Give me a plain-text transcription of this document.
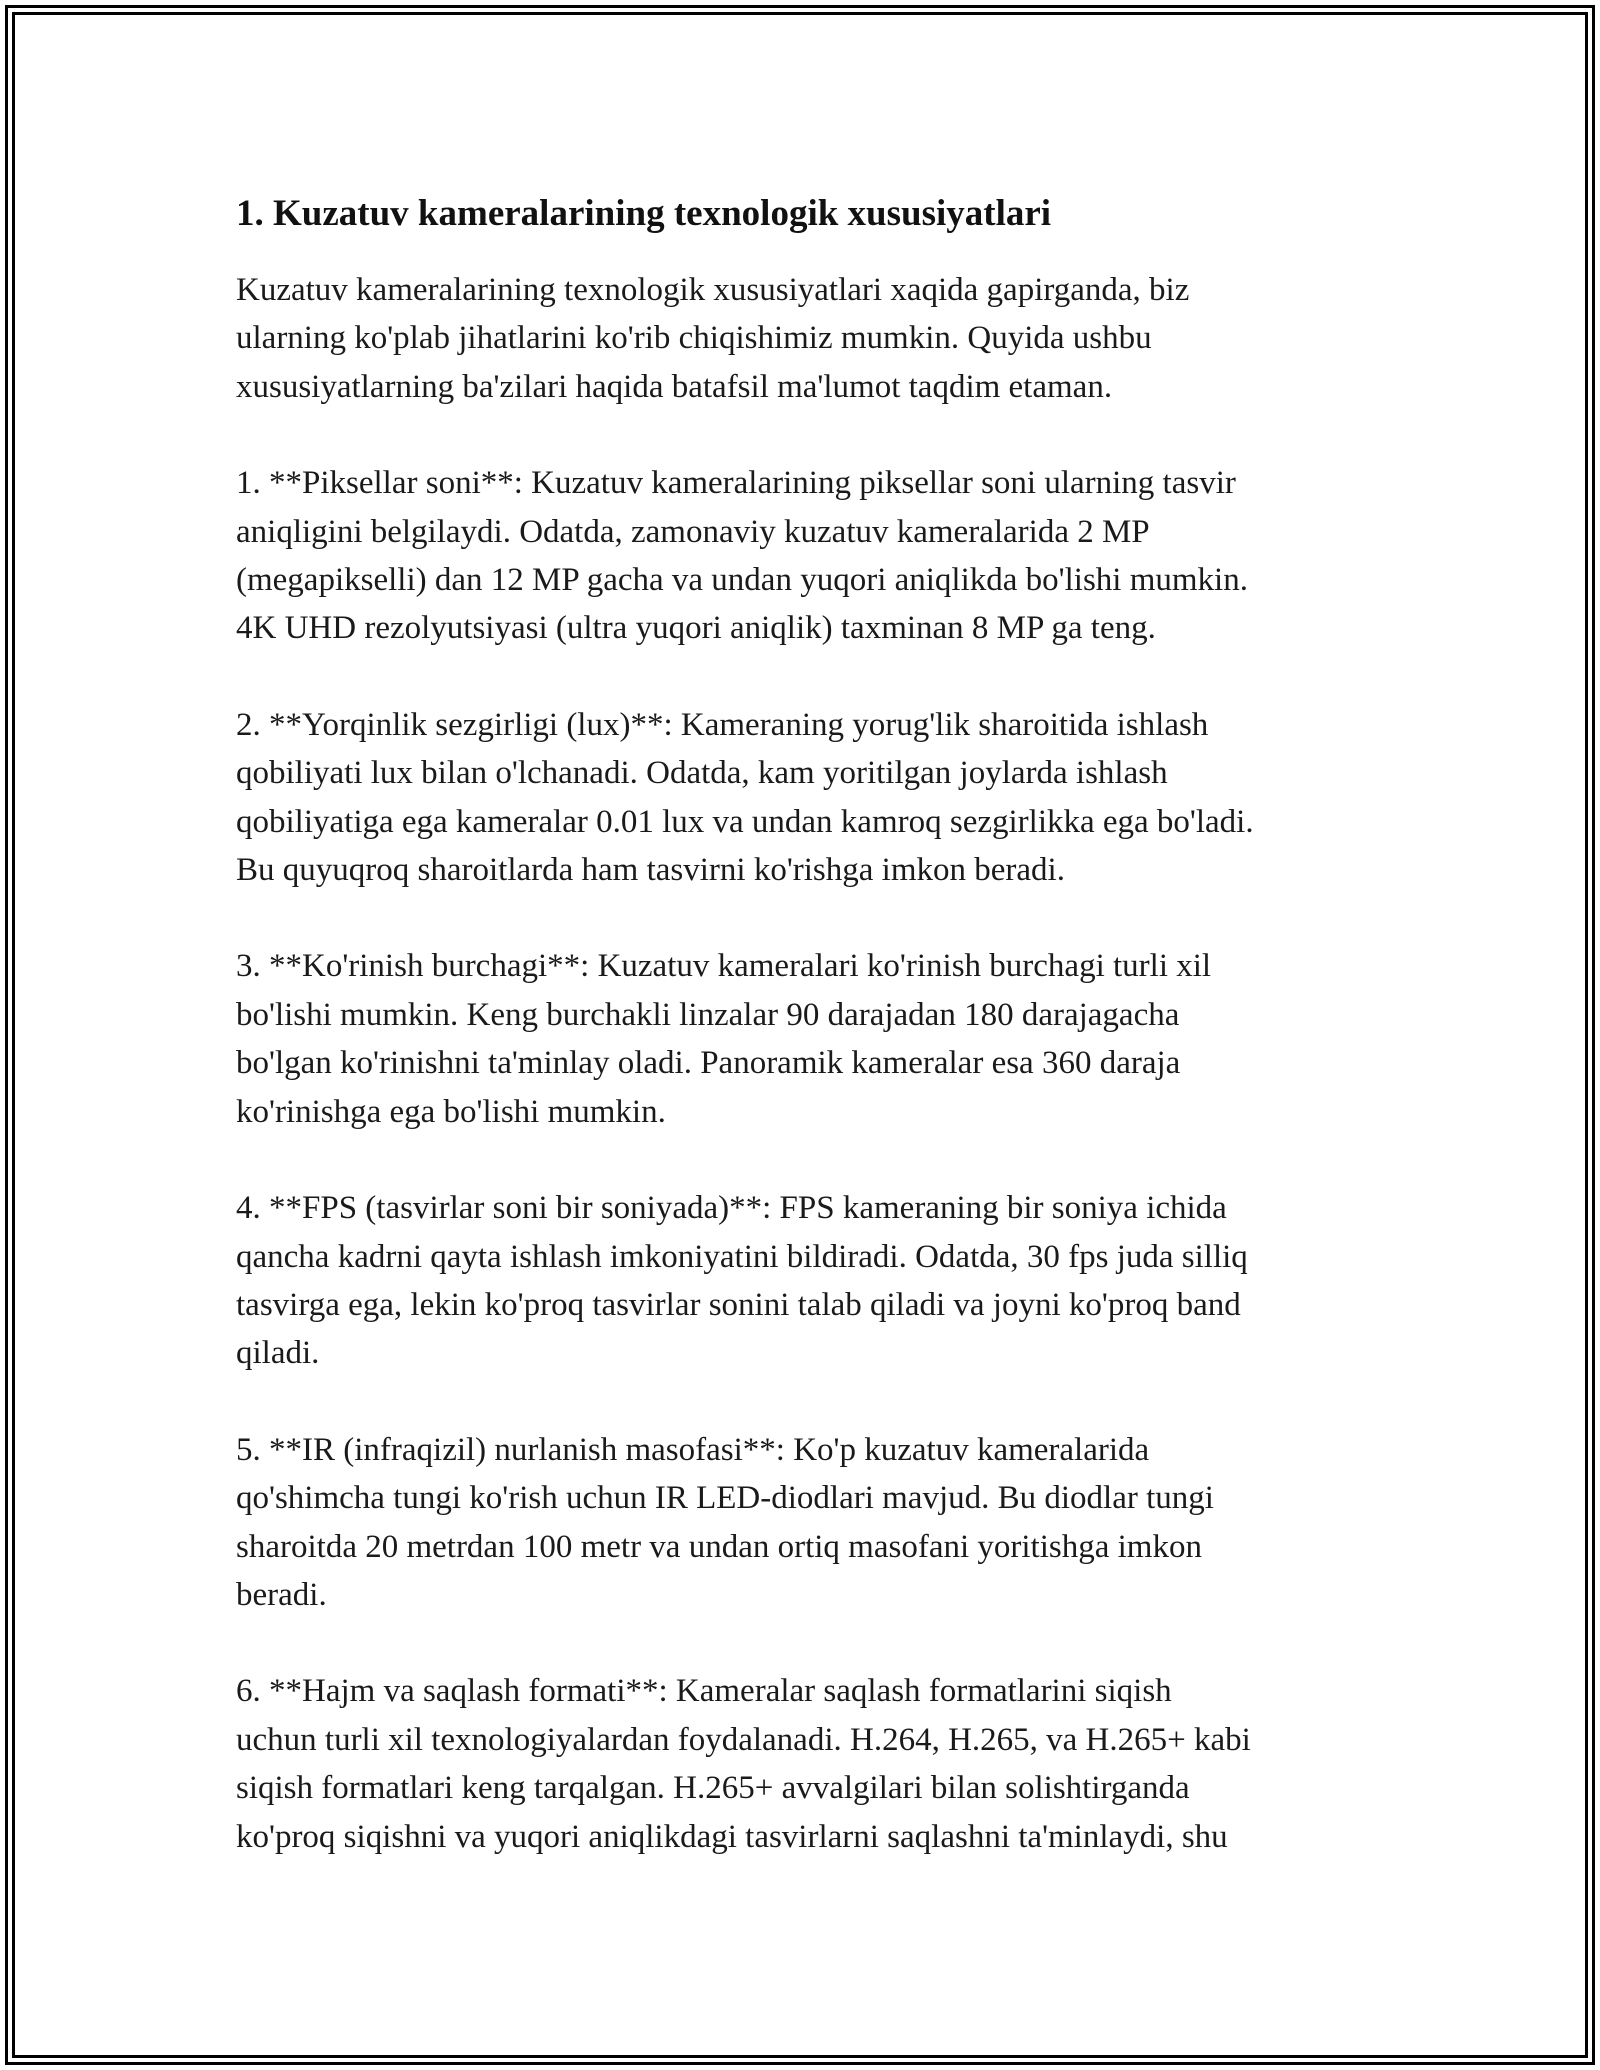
1. Kuzatuv kameralarining texnologik xususiyatlari

Kuzatuv kameralarining texnologik xususiyatlari xaqida gapirganda, biz
ularning ko'plab jihatlarini ko'rib chiqishimiz mumkin. Quyida ushbu
xususiyatlarning ba'zilari haqida batafsil ma'lumot taqdim etaman.

1. **Piksellar soni**: Kuzatuv kameralarining piksellar soni ularning tasvir
aniqligini belgilaydi. Odatda, zamonaviy kuzatuv kameralarida 2 MP
(megapikselli) dan 12 MP gacha va undan yuqori aniqlikda bo'lishi mumkin.
4K UHD rezolyutsiyasi (ultra yuqori aniqlik) taxminan 8 MP ga teng.

2. **Yorqinlik sezgirligi (lux)**: Kameraning yorug'lik sharoitida ishlash
qobiliyati lux bilan o'lchanadi. Odatda, kam yoritilgan joylarda ishlash
qobiliyatiga ega kameralar 0.01 lux va undan kamroq sezgirlikka ega bo'ladi.
Bu quyuqroq sharoitlarda ham tasvirni ko'rishga imkon beradi.

3. **Ko'rinish burchagi**: Kuzatuv kameralari ko'rinish burchagi turli xil
bo'lishi mumkin. Keng burchakli linzalar 90 darajadan 180 darajagacha
bo'lgan ko'rinishni ta'minlay oladi. Panoramik kameralar esa 360 daraja
ko'rinishga ega bo'lishi mumkin.

4. **FPS (tasvirlar soni bir soniyada)**: FPS kameraning bir soniya ichida
qancha kadrni qayta ishlash imkoniyatini bildiradi. Odatda, 30 fps juda silliq
tasvirga ega, lekin ko'proq tasvirlar sonini talab qiladi va joyni ko'proq band
qiladi.

5. **IR (infraqizil) nurlanish masofasi**: Ko'p kuzatuv kameralarida
qo'shimcha tungi ko'rish uchun IR LED-diodlari mavjud. Bu diodlar tungi
sharoitda 20 metrdan 100 metr va undan ortiq masofani yoritishga imkon
beradi.

6. **Hajm va saqlash formati**: Kameralar saqlash formatlarini siqish
uchun turli xil texnologiyalardan foydalanadi. H.264, H.265, va H.265+ kabi
siqish formatlari keng tarqalgan. H.265+ avvalgilari bilan solishtirganda
ko'proq siqishni va yuqori aniqlikdagi tasvirlarni saqlashni ta'minlaydi, shu
